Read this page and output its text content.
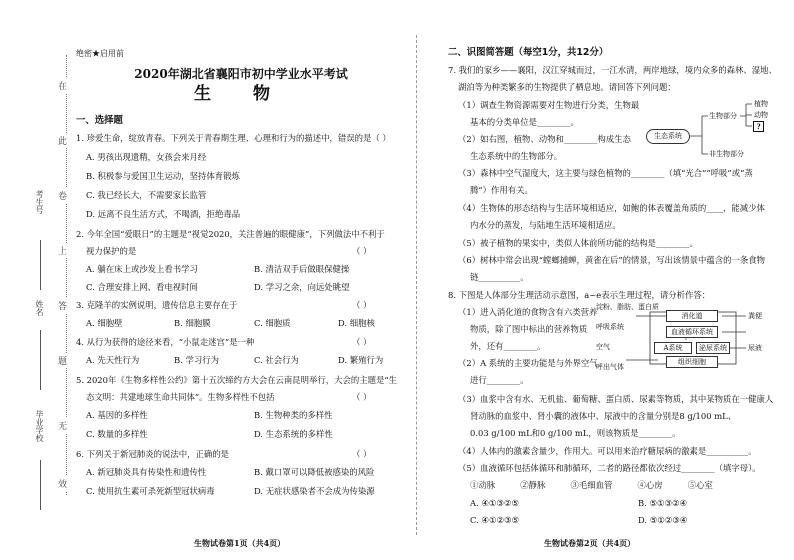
考生号
姓名
毕业学校
在
此
卷
上
答
题
无
效
绝密★启用前
2020年湖北省襄阳市初中学业水平考试
生 物
一、选择题
1. 珍爱生命，绽放青春。下列关于青春期生理、心理和行为的描述中，错误的是（ ）
A. 男孩出现遗精，女孩会来月经
B. 积极参与爱国卫生运动，坚持体育锻炼
C. 我已经长大，不需要家长监管
D. 远离不良生活方式，不喝酒，拒绝毒品
2. 今年全国“爱眼日”的主题是“视觉2020，关注普遍的眼健康”，下列做法中不利于
视力保护的是	（ ）
A. 躺在床上或沙发上看书学习	B. 清洁双手后做眼保健操
C. 合理安排上网、看电视时间	D. 学习之余，向远处眺望
3. 克隆羊的实例说明，遗传信息主要存在于	（ ）
A. 细胞壁	B. 细胞膜	C. 细胞质	D. 细胞核
4. 从行为获得的途径来看，“小鼠走迷宫”是一种	（ ）
A. 先天性行为	B. 学习行为	C. 社会行为	D. 繁殖行为
5. 2020年《生物多样性公约》第十五次缔约方大会在云南昆明举行，大会的主题是“生
态文明：共建地球生命共同体”。生物多样性不包括	（ ）
A. 基因的多样性	B. 生物种类的多样性
C. 数量的多样性	D. 生态系统的多样性
6. 下列关于新冠肺炎的说法中，正确的是	（ ）
A. 新冠肺炎具有传染性和遗传性	B. 戴口罩可以降低被感染的风险
C. 使用抗生素可杀死新型冠状病毒	D. 无症状感染者不会成为传染源
生物试卷第1页（共4页）
二、识图简答题（每空1分，共12分）
7. 我们的家乡——襄阳，汉江穿城而过，一江水清，两岸地绿，境内众多的森林、湿地、
湖泊等为种类繁多的生物提供了栖息地。请回答下列问题：
（1）调查生物资源需要对生物进行分类，生物最
基本的分类单位是________。
（2）如右图，植物、动物和________构成生态
生态系统中的生物部分。
生态系统
生物部分
非生物部分
植物
动物
?
（3）森林中空气湿度大，这主要与绿色植物的________（填“光合”“呼吸”或“蒸
腾”）作用有关。
（4）生物体的形态结构与生活环境相适应，如鲍的体表覆盖角质的____，能减少体
内水分的蒸发，与陆地生活环境相适应。
（5）被子植物的果实中，类似人体前所功能的结构是________。
（6）树林中常会出现“螳螂捕蝉，黄雀在后”的情景，写出该情景中蕴含的一条食物
链__________。
8. 下图是人体部分生理活动示意图，a~e表示生理过程，请分析作答：
（1）进入消化道的食物含有六类营养
物质，除了图中标出的营养物质
外，还有________。
（2）A 系统的主要功能是与外界空气
进行________。
淀粉、脂肪、蛋白质
消化道
血液循环系统
A系统	泌尿系统
组织细胞
粪便
尿液
空气
呼出气体
呼吸系统
（3）血浆中含有水、无机盐、葡萄糖、蛋白质、尿素等物质，其中某物质在一健康人
肾动脉的血浆中、肾小囊的液体中、尿液中的含量分别是8 g/100 mL、
0.03 g/100 mL和0 g/100 mL，则该物质是________。
（4）人体内的激素含量少，作用大。可以用来治疗糖尿病的激素是__________。
（5）血液循环包括体循环和肺循环，二者的路径都依次经过________（填字母）。
①动脉　　　②静脉　　　③毛细血管　　　④心房　　　⑤心室
A. ④①③②⑤	B. ⑤①③②④
C. ④①②③⑤	D. ⑤①②③④
生物试卷第2页（共4页）
